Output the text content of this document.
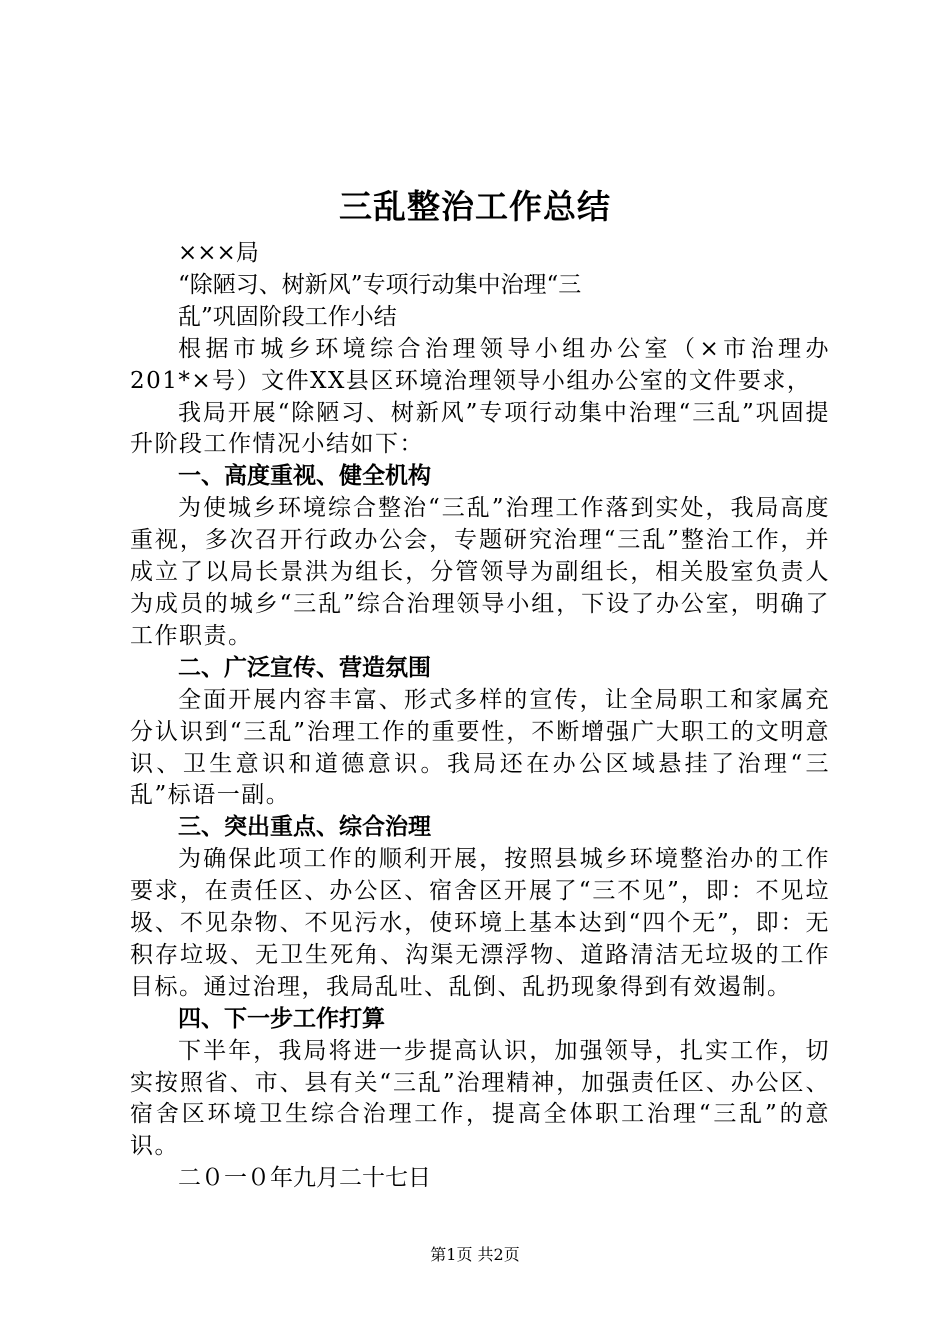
三乱整治工作总结
×××局
“除陋习、树新风”专项行动集中治理“三
乱”巩固阶段工作小结
根据市城乡环境综合治理领导小组办公室（×市治理办201*×号）文件XX县区环境治理领导小组办公室的文件要求，
我局开展“除陋习、树新风”专项行动集中治理“三乱”巩固提升阶段工作情况小结如下：
一、高度重视、健全机构
为使城乡环境综合整治“三乱”治理工作落到实处，我局高度重视，多次召开行政办公会，专题研究治理“三乱”整治工作，并成立了以局长景洪为组长，分管领导为副组长，相关股室负责人为成员的城乡“三乱”综合治理领导小组，下设了办公室，明确了工作职责。
二、广泛宣传、营造氛围
全面开展内容丰富、形式多样的宣传，让全局职工和家属充分认识到“三乱”治理工作的重要性，不断增强广大职工的文明意识、卫生意识和道德意识。我局还在办公区域悬挂了治理“三乱”标语一副。
三、突出重点、综合治理
为确保此项工作的顺利开展，按照县城乡环境整治办的工作要求，在责任区、办公区、宿舍区开展了“三不见”，即：不见垃圾、不见杂物、不见污水，使环境上基本达到“四个无”，即：无积存垃圾、无卫生死角、沟渠无漂浮物、道路清洁无垃圾的工作目标。通过治理，我局乱吐、乱倒、乱扔现象得到有效遏制。
四、下一步工作打算
下半年，我局将进一步提高认识，加强领导，扎实工作，切实按照省、市、县有关“三乱”治理精神，加强责任区、办公区、宿舍区环境卫生综合治理工作，提高全体职工治理“三乱”的意识。
二０一０年九月二十七日
第1页 共2页
